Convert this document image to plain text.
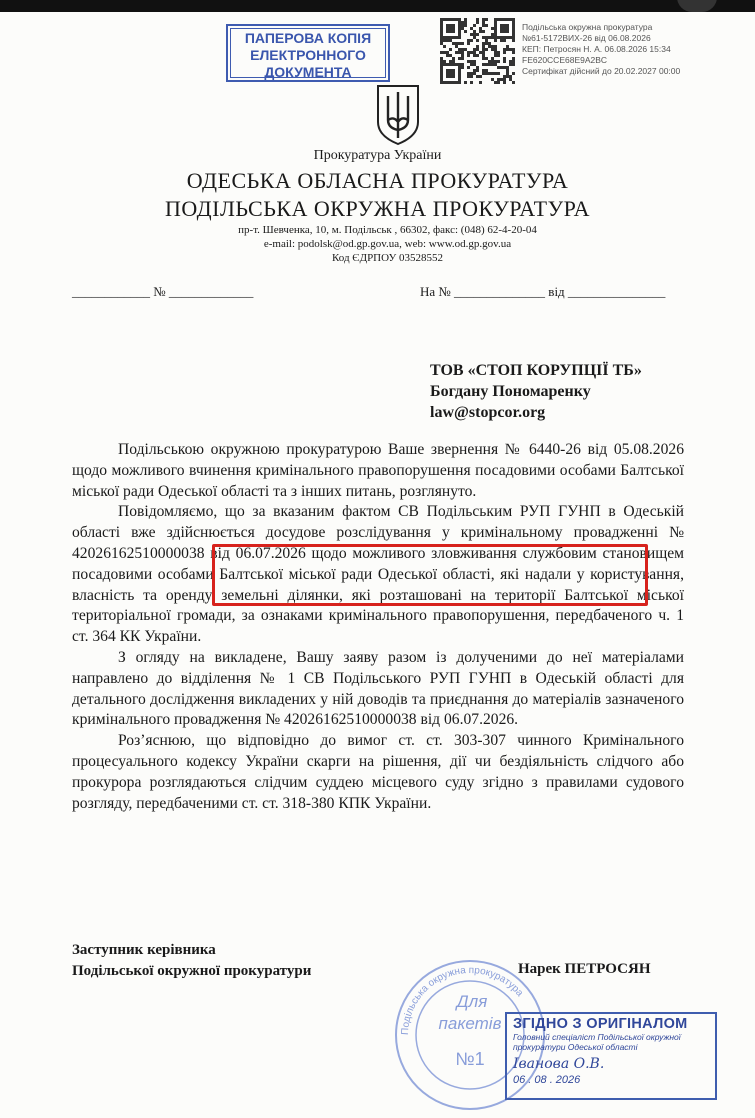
ПАПЕРОВА КОПІЯ
ЕЛЕКТРОННОГО
ДОКУМЕНТА
Подільська окружна прокуратура
№61-5172ВИХ-26 від 06.08.2026
КЕП: Петросян Н. А. 06.08.2026 15:34
FE620CCE68E9A2BC
Сертифікат дійсний до 20.02.2027 00:00
Прокуратура України
ОДЕСЬКА ОБЛАСНА ПРОКУРАТУРА
ПОДІЛЬСЬКА ОКРУЖНА ПРОКУРАТУРА
пр-т. Шевченка, 10, м. Подільськ , 66302, факс: (048) 62-4-20-04
e-mail: podolsk@od.gp.gov.ua, web: www.od.gp.gov.ua
Код ЄДРПОУ 03528552
____________ № _____________	На № ______________ від _______________
ТОВ «СТОП КОРУПЦІЇ ТБ»
Богдану Пономаренку
law@stopcor.org

Подільською окружною прокуратурою Ваше звернення № 6440-26 від 05.08.2026 щодо можливого вчинення кримінального правопорушення посадовими особами Балтської міської ради Одеської області та з інших питань, розглянуто.

Повідомляємо, що за вказаним фактом СВ Подільським РУП ГУНП в Одеській області вже здійснюється досудове розслідування у кримінальному провадженні № 42026162510000038 від 06.07.2026 щодо можливого зловживання службовим становищем посадовими особами Балтської міської ради Одеської області, які надали у користування, власність та оренду земельні ділянки, які розташовані на території Балтської міської територіальної громади, за ознаками кримінального правопорушення, передбаченого ч. 1 ст. 364 КК України.

З огляду на викладене, Вашу заяву разом із долученими до неї матеріалами направлено до відділення № 1 СВ Подільського РУП ГУНП в Одеській області для детального дослідження викладених у ній доводів та приєднання до матеріалів зазначеного кримінального провадження № 42026162510000038 від 06.07.2026.

Роз’яснюю, що відповідно до вимог ст. ст. 303-307 чинного Кримінального процесуального кодексу України скарги на рішення, дії чи бездіяльність слідчого або прокурора розглядаються слідчим суддею місцевого суду згідно з правилами судового розгляду, передбаченими ст. ст. 318-380 КПК України.

Заступник керівника
Подільської окружної прокуратури	Нарек ПЕТРОСЯН
Подільська окружна прокуратура
Для
пакетів
№1
ЗГІДНО З ОРИГІНАЛОМ
Головний спеціаліст Подільської окружної прокуратури Одеської області
Іванова О.В.
06 . 08 . 2026
